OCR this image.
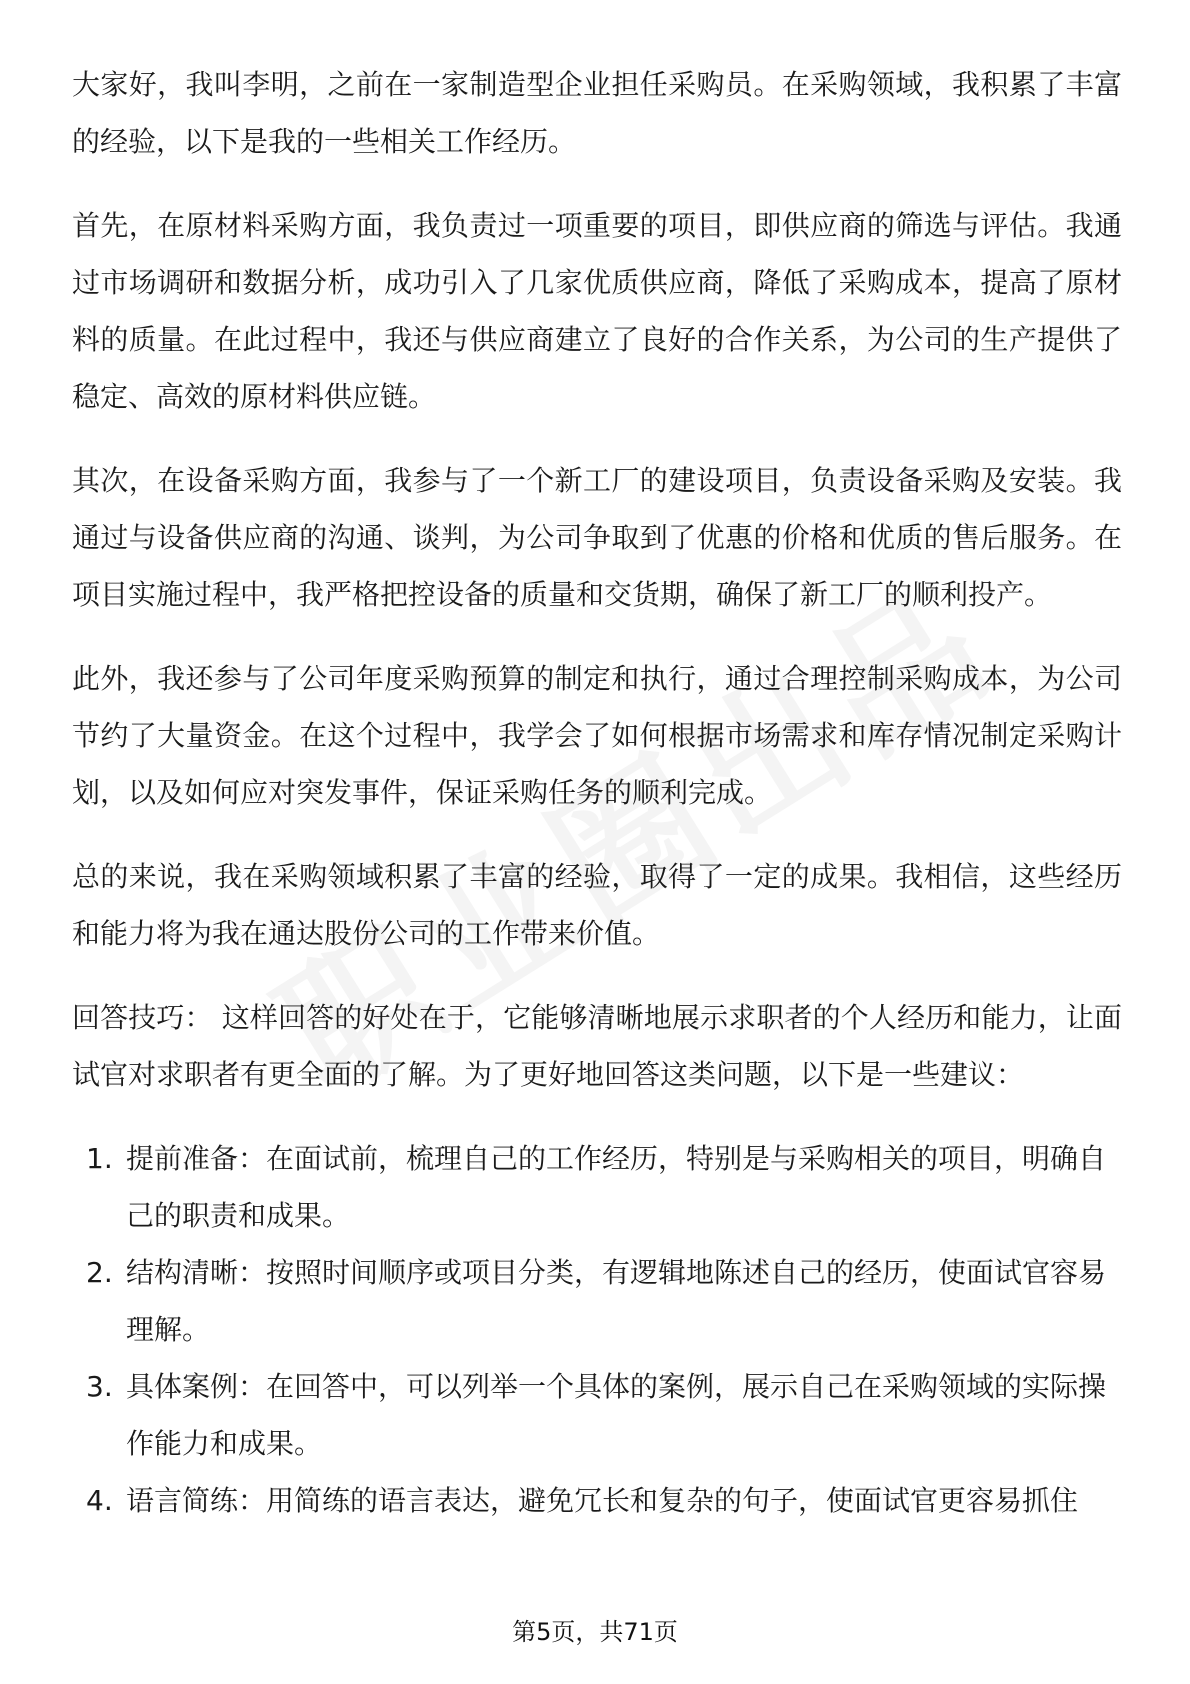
大家好，我叫李明，之前在一家制造型企业担任采购员。在采购领域，我积累了丰富的经验，以下是我的一些相关工作经历。

首先，在原材料采购方面，我负责过一项重要的项目，即供应商的筛选与评估。我通过市场调研和数据分析，成功引入了几家优质供应商，降低了采购成本，提高了原材料的质量。在此过程中，我还与供应商建立了良好的合作关系，为公司的生产提供了稳定、高效的原材料供应链。

其次，在设备采购方面，我参与了一个新工厂的建设项目，负责设备采购及安装。我通过与设备供应商的沟通、谈判，为公司争取到了优惠的价格和优质的售后服务。在项目实施过程中，我严格把控设备的质量和交货期，确保了新工厂的顺利投产。

此外，我还参与了公司年度采购预算的制定和执行，通过合理控制采购成本，为公司节约了大量资金。在这个过程中，我学会了如何根据市场需求和库存情况制定采购计划，以及如何应对突发事件，保证采购任务的顺利完成。

总的来说，我在采购领域积累了丰富的经验，取得了一定的成果。我相信，这些经历和能力将为我在通达股份公司的工作带来价值。

回答技巧： 这样回答的好处在于，它能够清晰地展示求职者的个人经历和能力，让面试官对求职者有更全面的了解。为了更好地回答这类问题，以下是一些建议：

1. 提前准备：在面试前，梳理自己的工作经历，特别是与采购相关的项目，明确自己的职责和成果。
2. 结构清晰：按照时间顺序或项目分类，有逻辑地陈述自己的经历，使面试官容易理解。
3. 具体案例：在回答中，可以列举一个具体的案例，展示自己在采购领域的实际操作能力和成果。
4. 语言简练：用简练的语言表达，避免冗长和复杂的句子，使面试官更容易抓住
第5页，共71页
